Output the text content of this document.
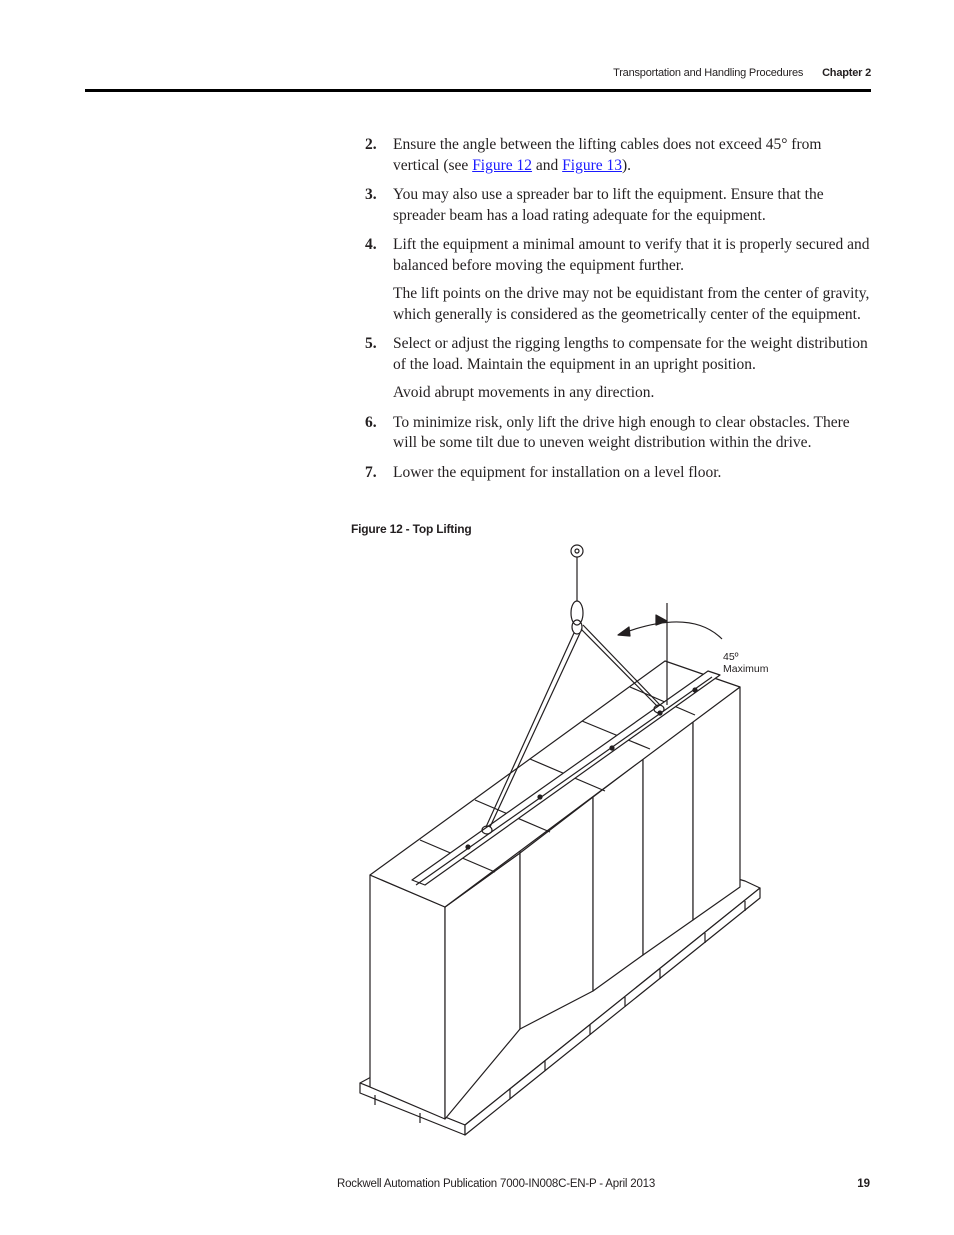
Transportation and Handling Procedures Chapter 2
2.	Ensure the angle between the lifting cables does not exceed 45° from vertical (see Figure 12 and Figure 13).
3.	You may also use a spreader bar to lift the equipment. Ensure that the spreader beam has a load rating adequate for the equipment.
4.	Lift the equipment a minimal amount to verify that it is properly secured and balanced before moving the equipment further.
The lift points on the drive may not be equidistant from the center of gravity, which generally is considered as the geometrically center of the equipment.
5.	Select or adjust the rigging lengths to compensate for the weight distribution of the load. Maintain the equipment in an upright position.
Avoid abrupt movements in any direction.
6.	To minimize risk, only lift the drive high enough to clear obstacles. There will be some tilt due to uneven weight distribution within the drive.
7.	Lower the equipment for installation on a level floor.
Figure 12 - Top Lifting
45º Maximum
Rockwell Automation Publication 7000-IN008C-EN-P - April 2013	19
